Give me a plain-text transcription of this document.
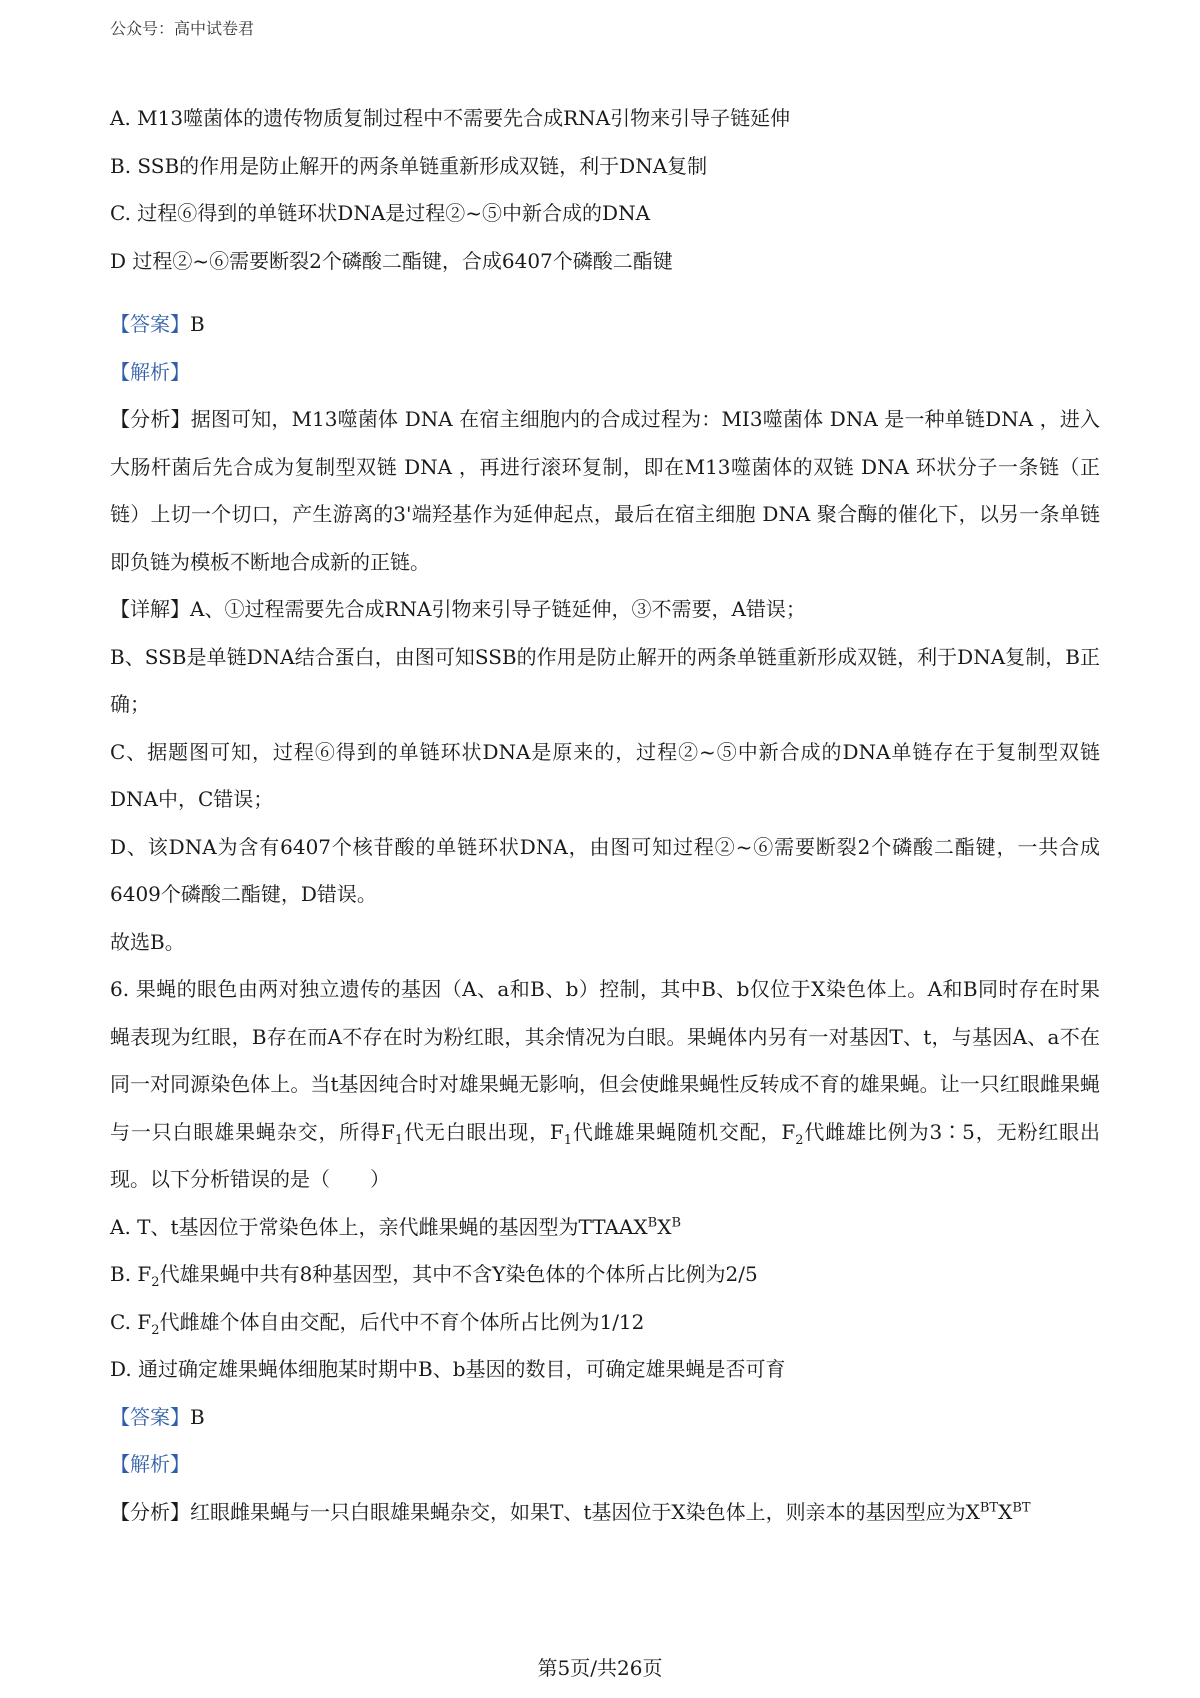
公众号：高中试卷君

A. M13噬菌体的遗传物质复制过程中不需要先合成RNA引物来引导子链延伸

B. SSB的作用是防止解开的两条单链重新形成双链，利于DNA复制

C. 过程⑥得到的单链环状DNA是过程②~⑤中新合成的DNA

D 过程②~⑥需要断裂2个磷酸二酯键，合成6407个磷酸二酯键

【答案】B

【解析】

【分析】据图可知，M13噬菌体 DNA 在宿主细胞内的合成过程为：MI3噬菌体 DNA 是一种单链DNA ，进入大肠杆菌后先合成为复制型双链 DNA ，再进行滚环复制，即在M13噬菌体的双链 DNA 环状分子一条链（正链）上切一个切口，产生游离的3'端羟基作为延伸起点，最后在宿主细胞 DNA 聚合酶的催化下，以另一条单链即负链为模板不断地合成新的正链。

【详解】A、①过程需要先合成RNA引物来引导子链延伸，③不需要，A错误；

B、SSB是单链DNA结合蛋白，由图可知SSB的作用是防止解开的两条单链重新形成双链，利于DNA复制，B正确；

C、据题图可知，过程⑥得到的单链环状DNA是原来的，过程②~⑤中新合成的DNA单链存在于复制型双链DNA中，C错误；

D、该DNA为含有6407个核苷酸的单链环状DNA，由图可知过程②~⑥需要断裂2个磷酸二酯键，一共合成6409个磷酸二酯键，D错误。

故选B。

6. 果蝇的眼色由两对独立遗传的基因（A、a和B、b）控制，其中B、b仅位于X染色体上。A和B同时存在时果蝇表现为红眼，B存在而A不存在时为粉红眼，其余情况为白眼。果蝇体内另有一对基因T、t，与基因A、a不在同一对同源染色体上。当t基因纯合时对雄果蝇无影响，但会使雌果蝇性反转成不育的雄果蝇。让一只红眼雌果蝇与一只白眼雄果蝇杂交，所得$F_1$代无白眼出现，$F_1$代雌雄果蝇随机交配，$F_2$代雌雄比例为3∶5，无粉红眼出现。以下分析错误的是（　　）

A. T、t基因位于常染色体上，亲代雌果蝇的基因型为$TTAAX^BX^B$

B. $F_2$代雄果蝇中共有8种基因型，其中不含Y染色体的个体所占比例为2/5

C. $F_2$代雌雄个体自由交配，后代中不育个体所占比例为1/12

D. 通过确定雄果蝇体细胞某时期中B、b基因的数目，可确定雄果蝇是否可育

【答案】B

【解析】

【分析】红眼雌果蝇与一只白眼雄果蝇杂交，如果T、t基因位于X染色体上，则亲本的基因型应为$X^{BT}X^{BT}$

第5页/共26页
